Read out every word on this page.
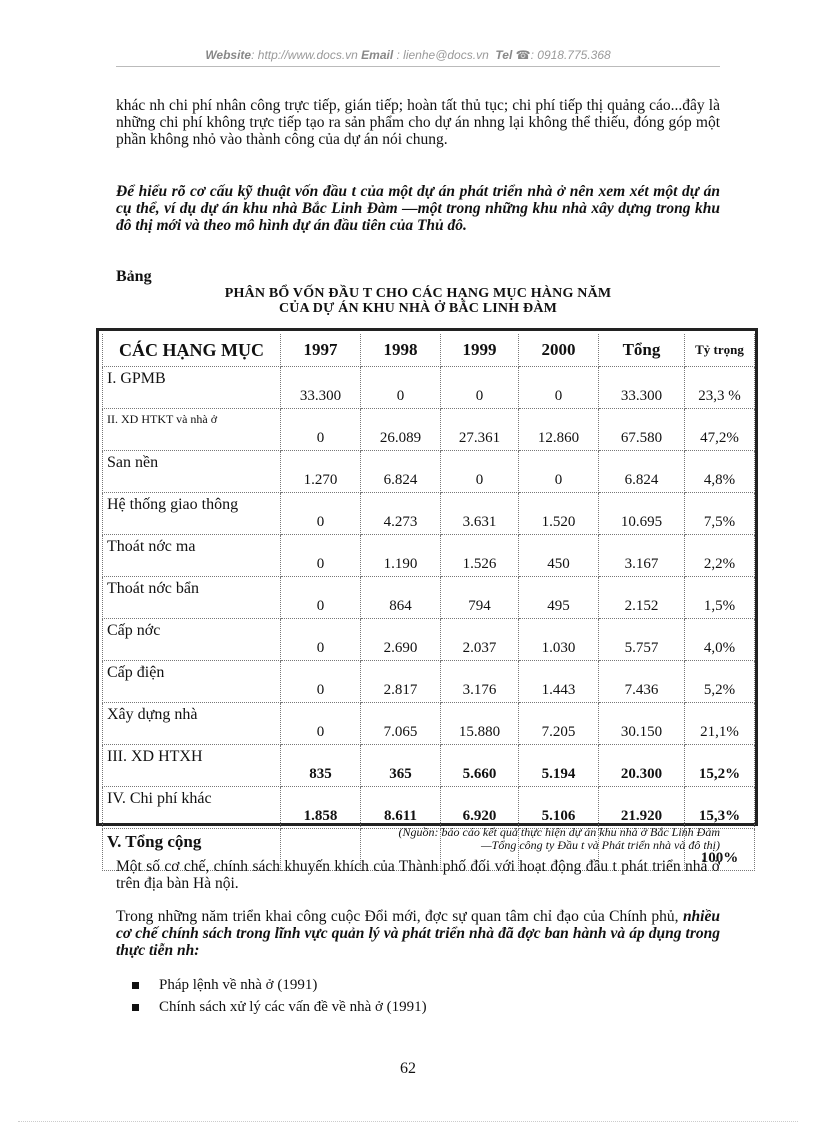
Website: http://www.docs.vn Email : lienhe@docs.vn  Tel ☎: 0918.775.368
khác nh chi phí nhân công trực tiếp, gián tiếp; hoàn tất thủ tục; chi phí tiếp thị quảng cáo...đây là những chi phí không trực tiếp tạo ra sản phẩm cho dự án nhng lại không thể thiếu, đóng góp một phần không nhỏ vào thành công của dự án nói chung.
Để hiểu rõ cơ cấu kỹ thuật vốn đầu t của một dự án phát triển nhà ở nên xem xét một dự án cụ thể, ví dụ dự án khu nhà Bắc Linh Đàm —một trong những khu nhà xây dựng trong khu đô thị mới và theo mô hình dự án đầu tiên của Thủ đô.
Bảng
PHÂN BỔ VỐN ĐẦU T CHO CÁC HẠNG MỤC HÀNG NĂM
CỦA DỰ ÁN KHU NHÀ Ở BẮC LINH ĐÀM
CÁC HẠNG MỤC	1997	1998	1999	2000	Tổng	Tỷ trọng
I. GPMB	33.300	0	0	0	33.300	23,3 %
II. XD HTKT và nhà ở	0	26.089	27.361	12.860	67.580	47,2%
San nền	1.270	6.824	0	0	6.824	4,8%
Hệ thống giao thông	0	4.273	3.631	1.520	10.695	7,5%
Thoát nớc ma	0	1.190	1.526	450	3.167	2,2%
Thoát nớc bẩn	0	864	794	495	2.152	1,5%
Cấp nớc	0	2.690	2.037	1.030	5.757	4,0%
Cấp điện	0	2.817	3.176	1.443	7.436	5,2%
Xây dựng nhà	0	7.065	15.880	7.205	30.150	21,1%
III. XD HTXH	835	365	5.660	5.194	20.300	15,2%
IV. Chi phí khác	1.858	8.611	6.920	5.106	21.920	15,3%
V. Tổng cộng						100%
(Nguồn: báo cáo kết quả thực hiện dự án khu nhà ở Bắc Linh Đàm
—Tổng công ty Đầu t và Phát triển nhà và đô thị)
Một số cơ chế, chính sách khuyến khích của Thành phố đối với hoạt động đầu t phát triển nhà ở trên địa bàn Hà nội.
Trong những năm triển khai công cuộc Đổi mới, đợc sự quan tâm chỉ đạo của Chính phủ, nhiều cơ chế chính sách trong lĩnh vực quản lý và phát triển nhà đã đợc ban hành và áp dụng trong thực tiễn nh:
Pháp lệnh về nhà ở (1991)
Chính sách xử lý các vấn đề về nhà ở (1991)
62
